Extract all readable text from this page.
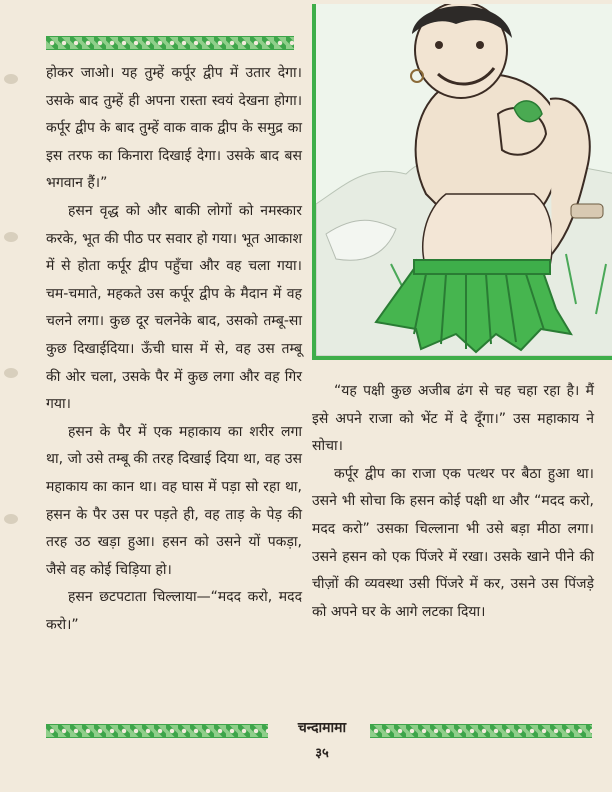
होकर जाओ। यह तुम्हें कर्पूर द्वीप में उतार देगा। उसके बाद तुम्हें ही अपना रास्ता स्वयं देखना होगा। कर्पूर द्वीप के बाद तुम्हें वाक वाक द्वीप के समुद्र का इस तरफ का किनारा दिखाई देगा। उसके बाद बस भगवान हैं।”

हसन वृद्ध को और बाकी लोगों को नमस्कार करके, भूत की पीठ पर सवार हो गया। भूत आकाश में से होता कर्पूर द्वीप पहुँचा और वह चला गया। चम-चमाते, महकते उस कर्पूर द्वीप के मैदान में वह चलने लगा। कुछ दूर चलनेके बाद, उसको तम्बू-सा कुछ दिखाईदिया। ऊँची घास में से, वह उस तम्बू की ओर चला, उसके पैर में कुछ लगा और वह गिर गया।

हसन के पैर में एक महाकाय का शरीर लगा था, जो उसे तम्बू की तरह दिखाई दिया था, वह उस महाकाय का कान था। वह घास में पड़ा सो रहा था, हसन के पैर उस पर पड़ते ही, वह ताड़ के पेड़ की तरह उठ खड़ा हुआ। हसन को उसने यों पकड़ा, जैसे वह कोई चिड़िया हो।

हसन छटपटाता चिल्लाया—“मदद करो, मदद करो।”

“यह पक्षी कुछ अजीब ढंग से चह चहा रहा है। मैं इसे अपने राजा को भेंट में दे दूँगा।” उस महाकाय ने सोचा।

कर्पूर द्वीप का राजा एक पत्थर पर बैठा हुआ था। उसने भी सोचा कि हसन कोई पक्षी था और “मदद करो, मदद करो” उसका चिल्लाना भी उसे बड़ा मीठा लगा। उसने हसन को एक पिंजरे में रखा। उसके खाने पीने की चीज़ों की व्यवस्था उसी पिंजरे में कर, उसने उस पिंजड़े को अपने घर के आगे लटका दिया।

चन्दामामा
३५
